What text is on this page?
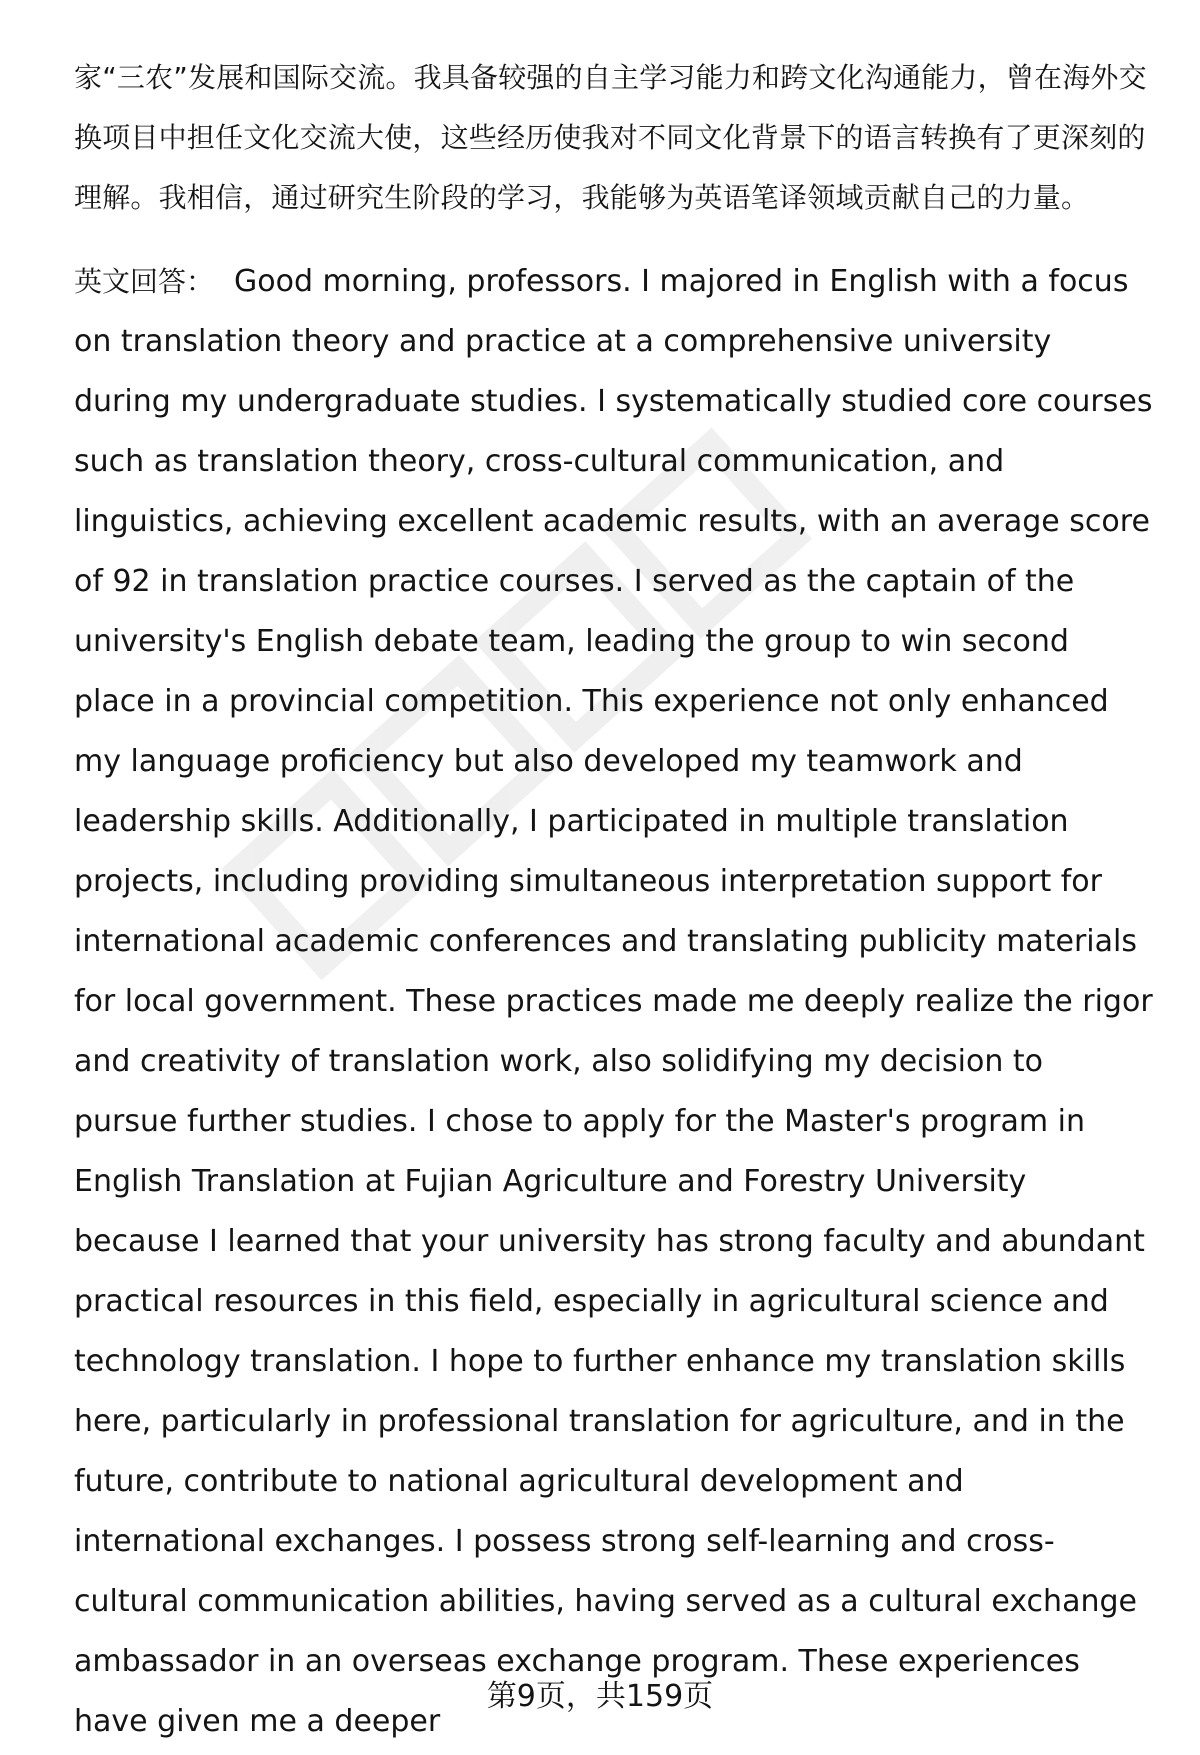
家“三农”发展和国际交流。我具备较强的自主学习能力和跨文化沟通能力，曾在海外交换项目中担任文化交流大使，这些经历使我对不同文化背景下的语言转换有了更深刻的理解。我相信，通过研究生阶段的学习，我能够为英语笔译领域贡献自己的力量。

英文回答： Good morning, professors. I majored in English with a focus on translation theory and practice at a comprehensive university during my undergraduate studies. I systematically studied core courses such as translation theory, cross-cultural communication, and linguistics, achieving excellent academic results, with an average score of 92 in translation practice courses. I served as the captain of the university's English debate team, leading the group to win second place in a provincial competition. This experience not only enhanced my language proficiency but also developed my teamwork and leadership skills. Additionally, I participated in multiple translation projects, including providing simultaneous interpretation support for international academic conferences and translating publicity materials for local government. These practices made me deeply realize the rigor and creativity of translation work, also solidifying my decision to pursue further studies. I chose to apply for the Master's program in English Translation at Fujian Agriculture and Forestry University because I learned that your university has strong faculty and abundant practical resources in this field, especially in agricultural science and technology translation. I hope to further enhance my translation skills here, particularly in professional translation for agriculture, and in the future, contribute to national agricultural development and international exchanges. I possess strong self-learning and cross-cultural communication abilities, having served as a cultural exchange ambassador in an overseas exchange program. These experiences have given me a deeper

第9页，共159页
